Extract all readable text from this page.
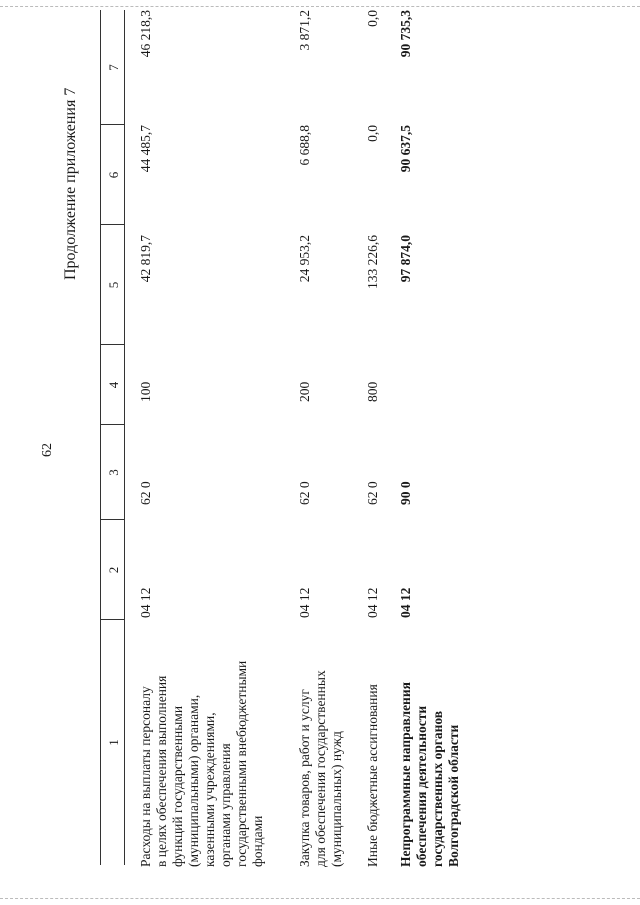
62
Продолжение приложения 7
1
2
3
4
5
6
7
Расходы на выплаты персоналу в целях обеспечения выполнения функций государственными (муниципальными) органами, казенными учреждениями, органами управления государственными внебюджетными фондами
04 12
62 0
100
42 819,7
44 485,7
46 218,3
Закупка товаров, работ и услуг для обеспечения государственных (муниципальных) нужд
04 12
62 0
200
24 953,2
6 688,8
3 871,2
Иные бюджетные ассигнования
04 12
62 0
800
133 226,6
0,0
0,0
Непрограммные направления обеспечения деятельности государственных органов Волгоградской области
04 12
90 0
97 874,0
90 637,5
90 735,3
